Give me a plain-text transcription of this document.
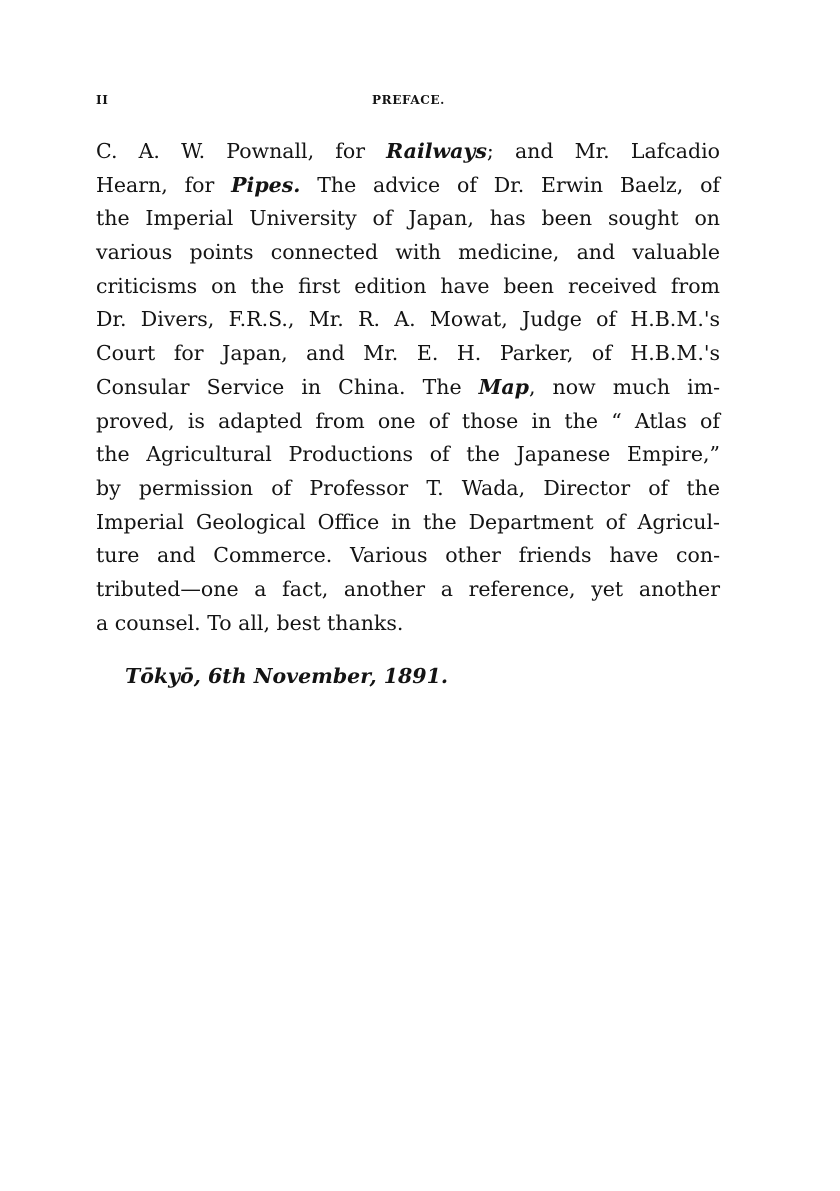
II	PREFACE.
C. A. W. Pownall, for Railways; and Mr. Lafcadio
Hearn, for Pipes. The advice of Dr. Erwin Baelz, of
the Imperial University of Japan, has been sought on
various points connected with medicine, and valuable
criticisms on the first edition have been received from
Dr. Divers, F.R.S., Mr. R. A. Mowat, Judge of H.B.M.'s
Court for Japan, and Mr. E. H. Parker, of H.B.M.'s
Consular Service in China. The Map, now much im-
proved, is adapted from one of those in the “ Atlas of
the Agricultural Productions of the Japanese Empire,”
by permission of Professor T. Wada, Director of the
Imperial Geological Office in the Department of Agricul-
ture and Commerce. Various other friends have con-
tributed—one a fact, another a reference, yet another
a counsel. To all, best thanks.
Tōkyō, 6th November, 1891.
